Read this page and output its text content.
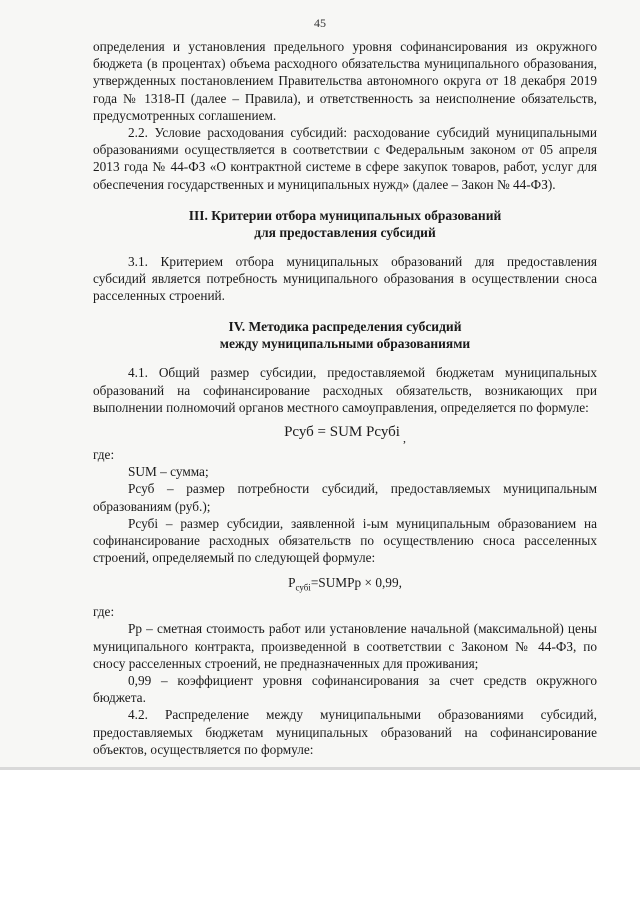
45

определения и установления предельного уровня софинансирования из окружного бюджета (в процентах) объема расходного обязательства муниципального образования, утвержденных постановлением Правительства автономного округа от 18 декабря 2019 года № 1318-П (далее – Правила), и ответственность за неисполнение обязательств, предусмотренных соглашением.

2.2. Условие расходования субсидий: расходование субсидий муниципальными образованиями осуществляется в соответствии с Федеральным законом от 05 апреля 2013 года № 44-ФЗ «О контрактной системе в сфере закупок товаров, работ, услуг для обеспечения государственных и муниципальных нужд» (далее – Закон № 44-ФЗ).

III. Критерии отбора муниципальных образований
для предоставления субсидий

3.1. Критерием отбора муниципальных образований для предоставления субсидий является потребность муниципального образования в осуществлении сноса расселенных строений.

IV. Методика распределения субсидий
между муниципальными образованиями

4.1. Общий размер субсидии, предоставляемой бюджетам муниципальных образований на софинансирование расходных обязательств, возникающих при выполнении полномочий органов местного самоуправления, определяется по формуле:

Рсуб = SUM Рсубi ,

где:

SUM – сумма;

Рсуб – размер потребности субсидий, предоставляемых муниципальным образованиям (руб.);

Рсубi – размер субсидии, заявленной i-ым муниципальным образованием на софинансирование расходных обязательств по осуществлению сноса расселенных строений, определяемый по следующей формуле:

$Р_{субi}=SUMРр \times 0,99$,

где:

Рр – сметная стоимость работ или установление начальной (максимальной) цены муниципального контракта, произведенной в соответствии с Законом № 44-ФЗ, по сносу расселенных строений, не предназначенных для проживания;

0,99 – коэффициент уровня софинансирования за счет средств окружного бюджета.

4.2. Распределение между муниципальными образованиями субсидий, предоставляемых бюджетам муниципальных образований на софинансирование объектов, осуществляется по формуле:
